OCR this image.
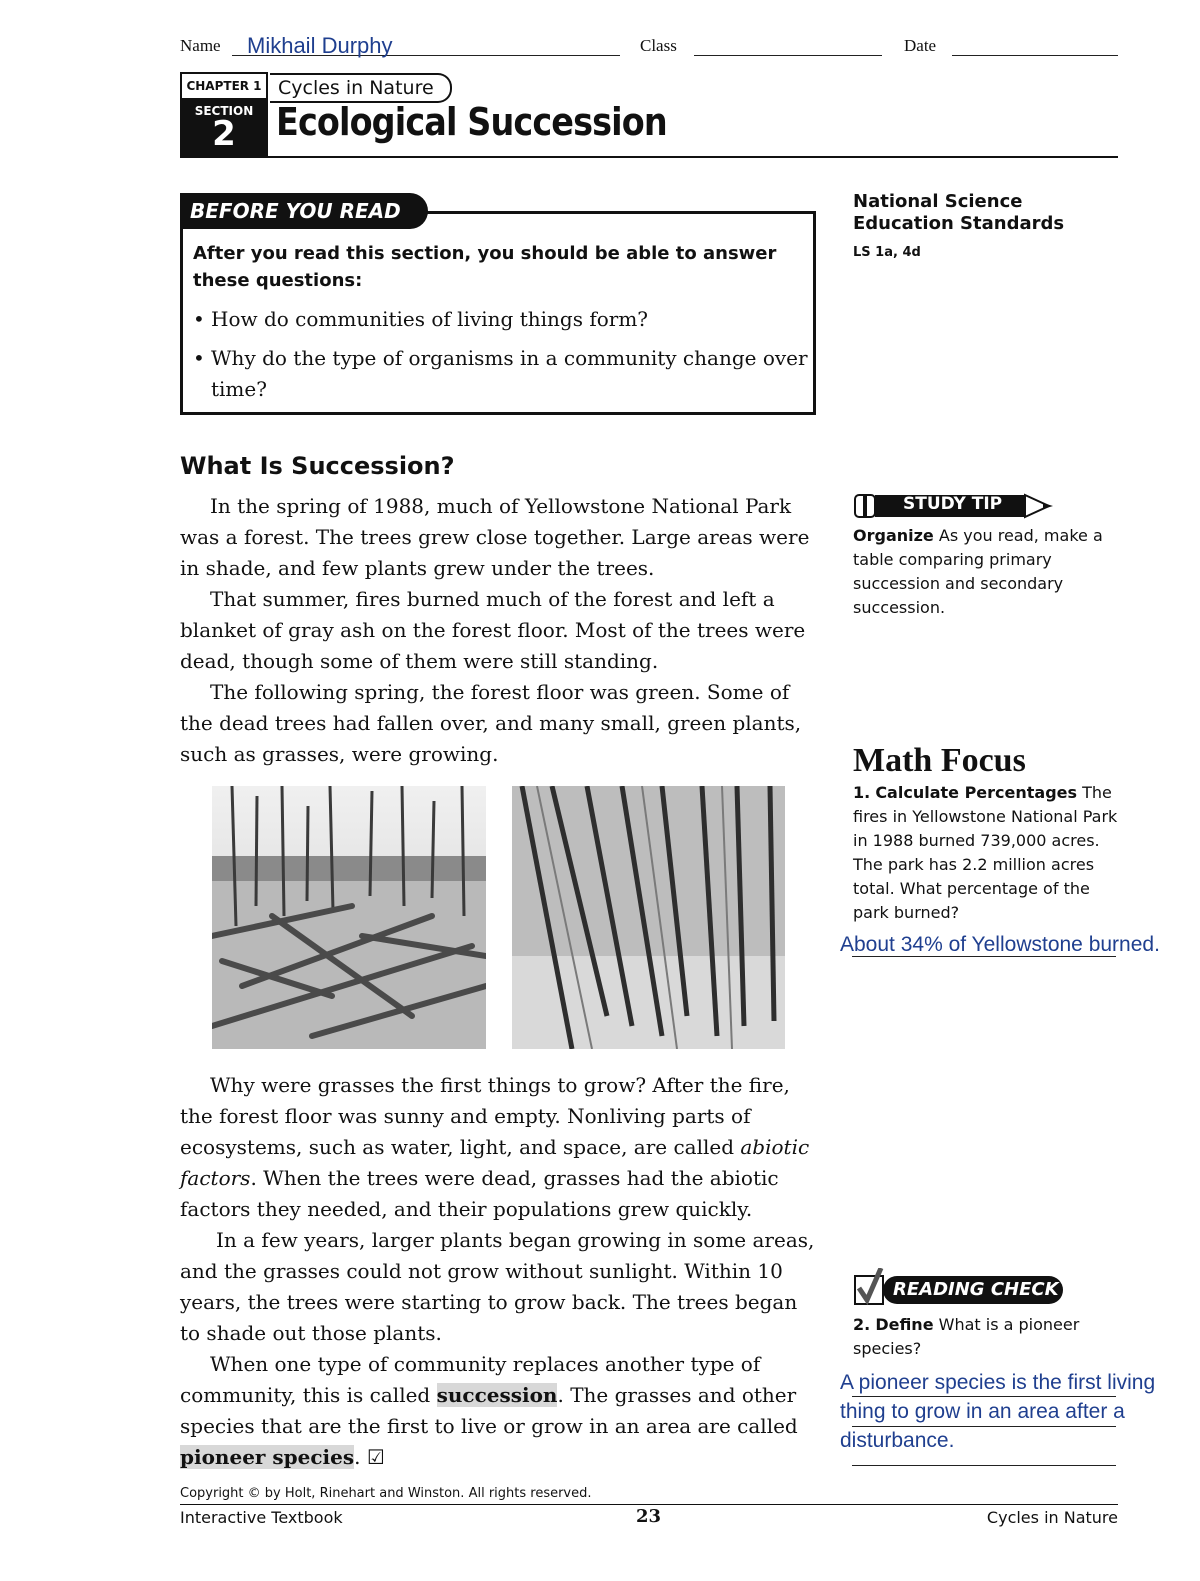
Name Mikhail Durphy	Class	Date
CHAPTER 1 Cycles in Nature
SECTION
2	Ecological Succession
BEFORE YOU READ
After you read this section, you should be able to answer these questions:
• How do communities of living things form?
• Why do the type of organisms in a community change over time?
National Science Education Standards
LS 1a, 4d
What Is Succession?
In the spring of 1988, much of Yellowstone National Park was a forest. The trees grew close together. Large areas were in shade, and few plants grew under the trees.
That summer, fires burned much of the forest and left a blanket of gray ash on the forest floor. Most of the trees were dead, though some of them were still standing.
The following spring, the forest floor was green. Some of the dead trees had fallen over, and many small, green plants, such as grasses, were growing.
Why were grasses the first things to grow? After the fire, the forest floor was sunny and empty. Nonliving parts of ecosystems, such as water, light, and space, are called abiotic factors. When the trees were dead, grasses had the abiotic factors they needed, and their populations grew quickly.
In a few years, larger plants began growing in some areas, and the grasses could not grow without sunlight. Within 10 years, the trees were starting to grow back. The trees began to shade out those plants.
When one type of community replaces another type of community, this is called succession. The grasses and other species that are the first to live or grow in an area are called pioneer species. ☑
STUDY TIP
Organize As you read, make a table comparing primary succession and secondary succession.
Math Focus
1. Calculate Percentages The fires in Yellowstone National Park in 1988 burned 739,000 acres. The park has 2.2 million acres total. What percentage of the park burned?
About 34% of Yellowstone burned.
READING CHECK
2. Define What is a pioneer species?
A pioneer species is the first living thing to grow in an area after a disturbance.
Copyright © by Holt, Rinehart and Winston. All rights reserved.
Interactive Textbook	23	Cycles in Nature
